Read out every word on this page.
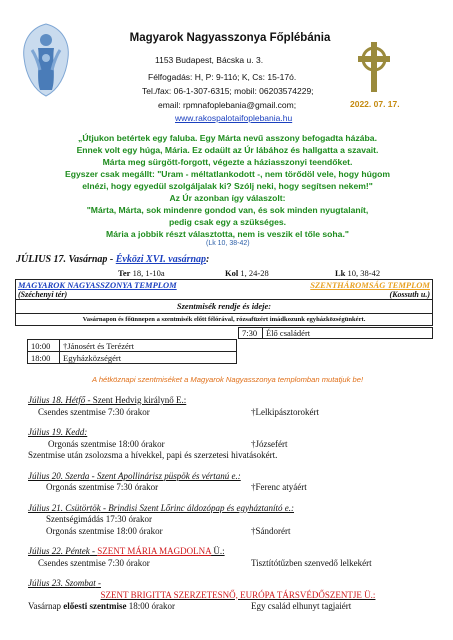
Magyarok Nagyasszonya Főplébánia
1153 Budapest, Bácska u. 3.
Félfogadás: H, P: 9-11ó; K, Cs: 15-17ó.
Tel./fax: 06-1-307-6315; mobil: 06203574229;
email: rpmnafoplebania@gmail.com;
www.rakospalotaifoplebania.hu
2022. 07. 17.
„Útjukon betértek egy faluba. Egy Márta nevű asszony befogadta házába.
Ennek volt egy húga, Mária. Ez odaült az Úr lábához és hallgatta a szavait.
Márta meg sürgött-forgott, végezte a háziasszonyi teendőket.
Egyszer csak megállt: "Uram - méltatlankodott -, nem törődöl vele, hogy húgom
elnézi, hogy egyedül szolgáljalak ki? Szólj neki, hogy segítsen nekem!"
Az Úr azonban így válaszolt:
"Márta, Márta, sok mindenre gondod van, és sok minden nyugtalanít,
pedig csak egy a szükséges.
Mária a jobbik részt választotta, nem is veszik el tőle soha."
(Lk 10, 38-42)
JÚLIUS 17. Vasárnap - Évközi XVI. vasárnap:
Ter 18, 1-10a	Kol 1, 24-28	Lk 10, 38-42
MAGYAROK NAGYASSZONYA TEMPLOM	SZENTHÁROMSÁG TEMPLOM
(Széchenyi tér)	(Kossuth u.)
Szentmisék rendje és ideje:
Vasárnapon és főünnepen a szentmisék előtt félórával, rózsafüzért imádkozunk egyházközségünkért.
7:30	Élő családért
10:00	†Jánosért és Terézért
18:00	Egyházközségért
A hétköznapi szentmiséket a Magyarok Nagyasszonya templomban mutatjuk be!
Július 18. Hétfő - Szent Hedvig királynő E.:
Csendes szentmise 7:30 órakor	†Lelkipásztorokért
Július 19. Kedd:
Orgonás szentmise 18:00 órakor	†Józsefért
Szentmise után zsolozsma a hívekkel, papi és szerzetesi hivatásokért.
Július 20. Szerda - Szent Apollinári​sz püspök és vértanú e.:
Orgonás szentmise 7:30 órakor	†Ferenc atyáért
Július 21. Csütörtök - Brindisi Szent Lőrinc áldozópap és egyháztanító e.:
Szentségimádás 17:30 órakor
Orgonás szentmise 18:00 órakor	†Sándorért
Július 22. Péntek - SZENT MÁRIA MAGDOLNA Ü.:
Csendes szentmise 7:30 órakor	Tisztítótűzben szenvedő lelkekért
Július 23. Szombat -
SZENT BRIGITTA SZERZETESNŐ, EURÓPA TÁRSVÉDŐSZENTJE Ü.:
Vasárnap előesti szentmise 18:00 órakor	Egy család elhunyt tagjaiért
